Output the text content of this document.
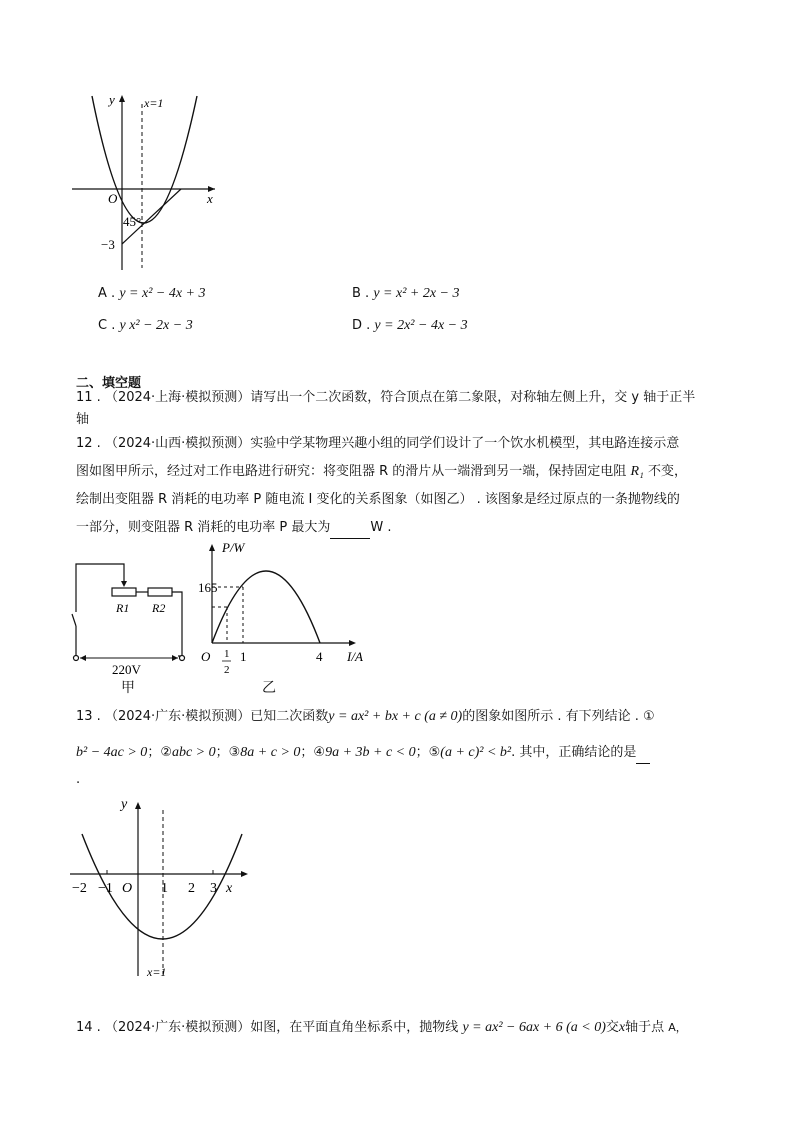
y
x
x=1
O
45°
−3
A . y = x² − 4x + 3	B . y = x² + 2x − 3
C . y x² − 2x − 3	D . y = 2x² − 4x − 3
二、填空题
11 . （2024·上海·模拟预测）请写出一个二次函数，符合顶点在第二象限，对称轴左侧上升，交 y 轴于正半
轴
12 . （2024·山西·模拟预测）实验中学某物理兴趣小组的同学们设计了一个饮水机模型，其电路连接示意
图如图甲所示，经过对工作电路进行研究：将变阻器 R 的滑片从一端滑到另一端，保持固定电阻 R₁ 不变，
绘制出变阻器 R 消耗的电功率 P 随电流 I 变化的关系图象（如图乙） . 该图象是经过原点的一条抛物线的
一部分，则变阻器 R 消耗的电功率 P 最大为	W .
R1 R2
220V
甲
P/W
I/A
165
O 1
2
1	4
乙
13 . （2024·广东·模拟预测）已知二次函数y = ax² + bx + c (a ≠ 0)的图象如图所示 . 有下列结论 . ①
b² − 4ac > 0；②abc > 0；③8a + c > 0；④9a + 3b + c < 0；⑤(a + c)² < b². 其中，正确结论的是
.
y
x
O
−2 −1	1 2 3
x=1
14 . （2024·广东·模拟预测）如图，在平面直角坐标系中，抛物线 y = ax² − 6ax + 6 (a < 0)交x轴于点 A，
